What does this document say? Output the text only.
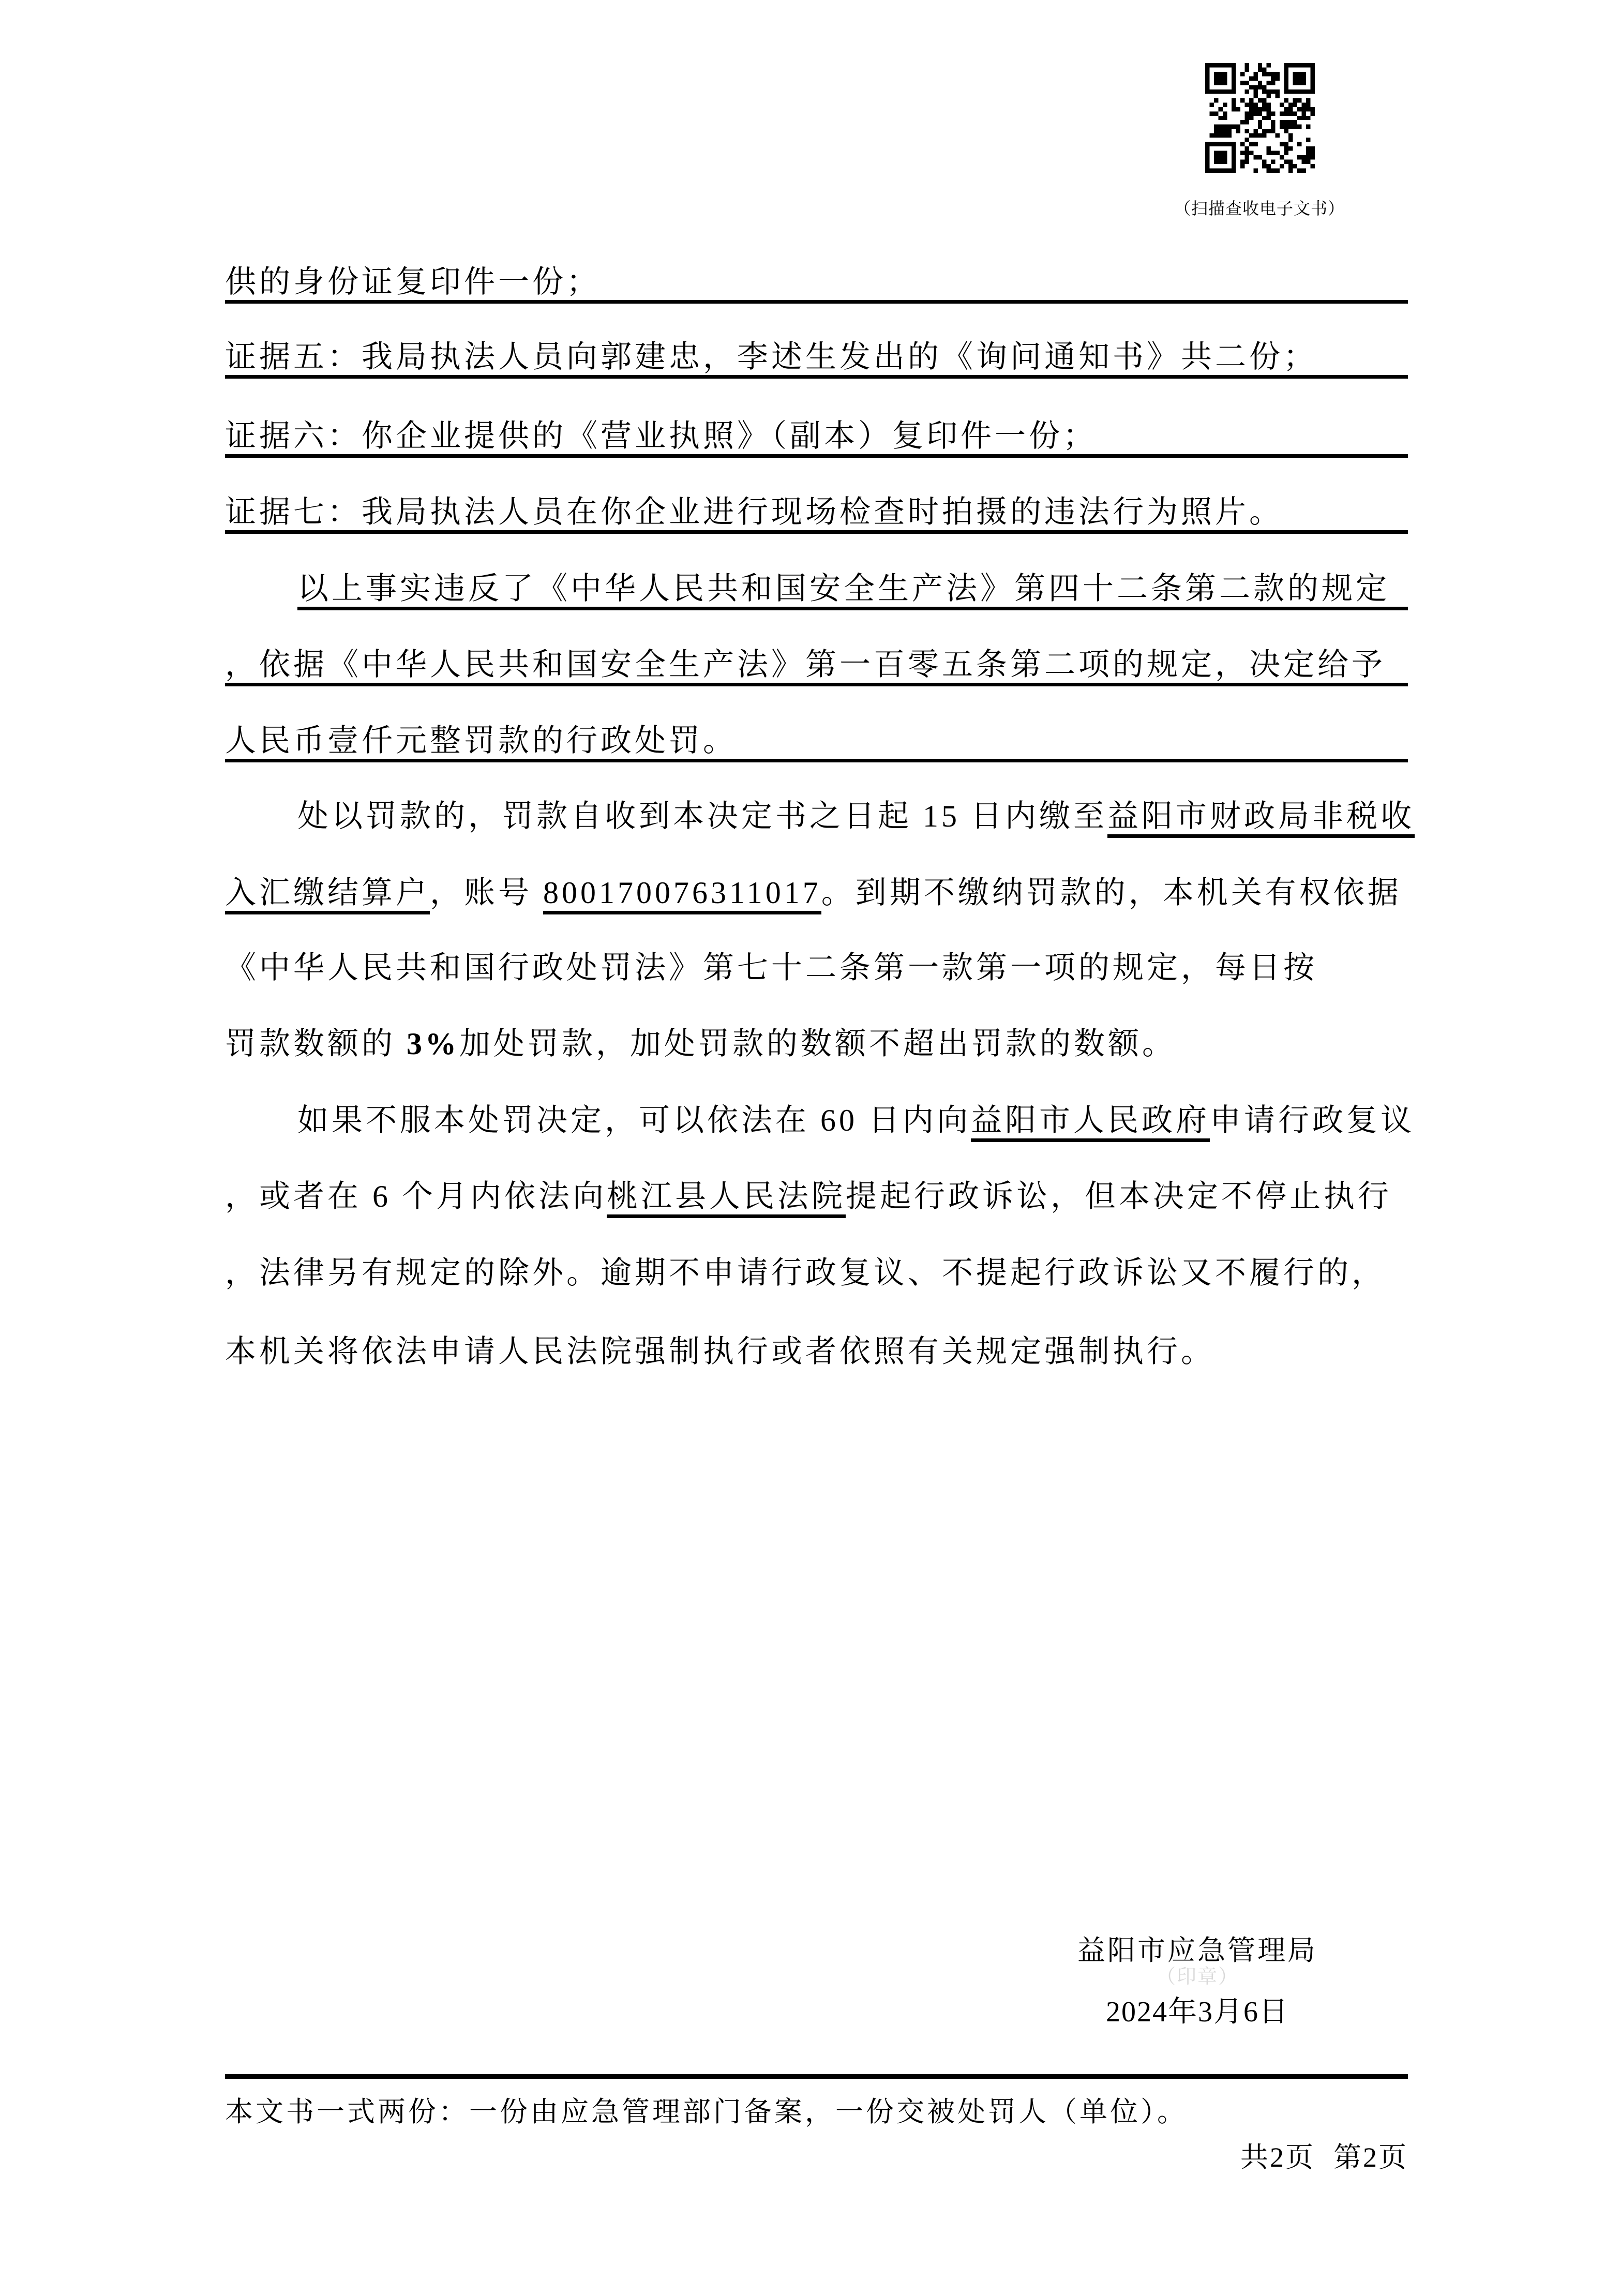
（扫描查收电子文书）
供的身份证复印件一份；
证据五：我局执法人员向郭建忠，李述生发出的《询问通知书》共二份；
证据六：你企业提供的《营业执照》（副本）复印件一份；
证据七：我局执法人员在你企业进行现场检查时拍摄的违法行为照片。
以上事实违反了《中华人民共和国安全生产法》第四十二条第二款的规定
，依据《中华人民共和国安全生产法》第一百零五条第二项的规定，决定给予
人民币壹仟元整罚款的行政处罚。
处以罚款的，罚款自收到本决定书之日起 15 日内缴至益阳市财政局非税收
入汇缴结算户，账号 800170076311017。到期不缴纳罚款的，本机关有权依据
《中华人民共和国行政处罚法》第七十二条第一款第一项的规定，每日按
罚款数额的 3%加处罚款，加处罚款的数额不超出罚款的数额。
如果不服本处罚决定，可以依法在 60 日内向益阳市人民政府申请行政复议
，或者在 6 个月内依法向桃江县人民法院提起行政诉讼，但本决定不停止执行
，法律另有规定的除外。逾期不申请行政复议、不提起行政诉讼又不履行的，
本机关将依法申请人民法院强制执行或者依照有关规定强制执行。
益阳市应急管理局
（印章）
2024年3月6日
本文书一式两份：一份由应急管理部门备案，一份交被处罚人（单位）。
共2页 第2页
